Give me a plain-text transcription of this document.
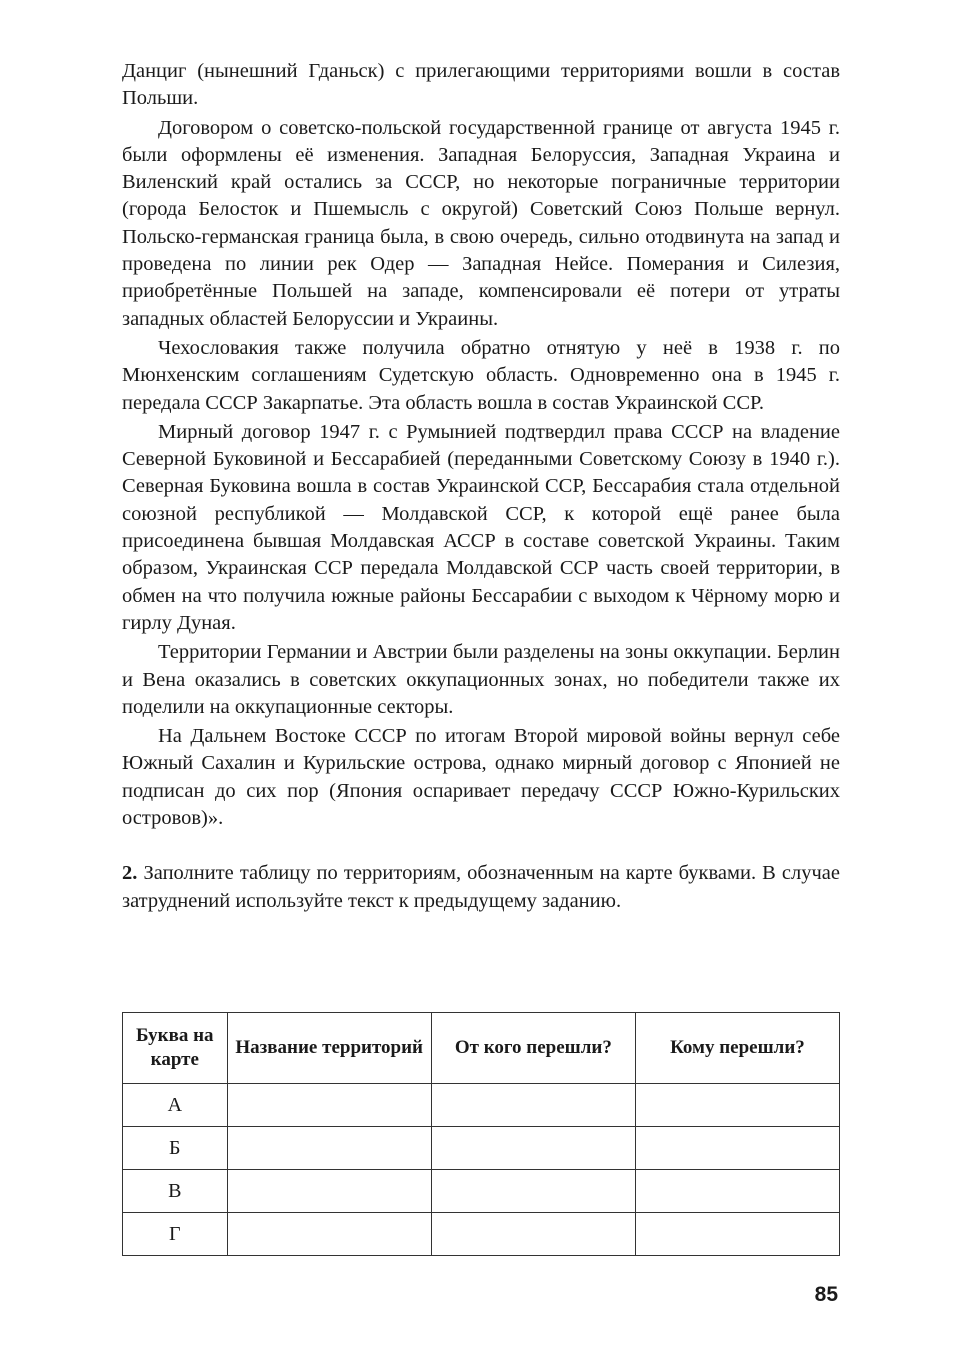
Данциг (нынешний Гданьск) с прилегающими территориями вошли в состав Польши.

Договором о советско-польской государственной границе от августа 1945 г. были оформлены её изменения. Западная Белоруссия, Западная Украина и Виленский край остались за СССР, но некоторые пограничные территории (города Белосток и Пшемысль с округой) Советский Союз Польше вернул. Польско-германская граница была, в свою очередь, сильно отодвинута на запад и проведена по линии рек Одер — Западная Нейсе. Померания и Силезия, приобретённые Польшей на западе, компенсировали её потери от утраты западных областей Белоруссии и Украины.

Чехословакия также получила обратно отнятую у неё в 1938 г. по Мюнхенским соглашениям Судетскую область. Одновременно она в 1945 г. передала СССР Закарпатье. Эта область вошла в состав Украинской ССР.

Мирный договор 1947 г. с Румынией подтвердил права СССР на владение Северной Буковиной и Бессарабией (переданными Советскому Союзу в 1940 г.). Северная Буковина вошла в состав Украинской ССР, Бессарабия стала отдельной союзной республикой — Молдавской ССР, к которой ещё ранее была присоединена бывшая Молдавская АССР в составе советской Украины. Таким образом, Украинская ССР передала Молдавской ССР часть своей территории, в обмен на что получила южные районы Бессарабии с выходом к Чёрному морю и гирлу Дуная.

Территории Германии и Австрии были разделены на зоны оккупации. Берлин и Вена оказались в советских оккупационных зонах, но победители также их поделили на оккупационные секторы.

На Дальнем Востоке СССР по итогам Второй мировой войны вернул себе Южный Сахалин и Курильские острова, однако мирный договор с Японией не подписан до сих пор (Япония оспаривает передачу СССР Южно-Курильских островов)».

2. Заполните таблицу по территориям, обозначенным на карте буквами. В случае затруднений используйте текст к предыдущему заданию.

Буква на карте	Название территорий	От кого перешли?	Кому перешли?
А			
Б			
В			
Г			
85
